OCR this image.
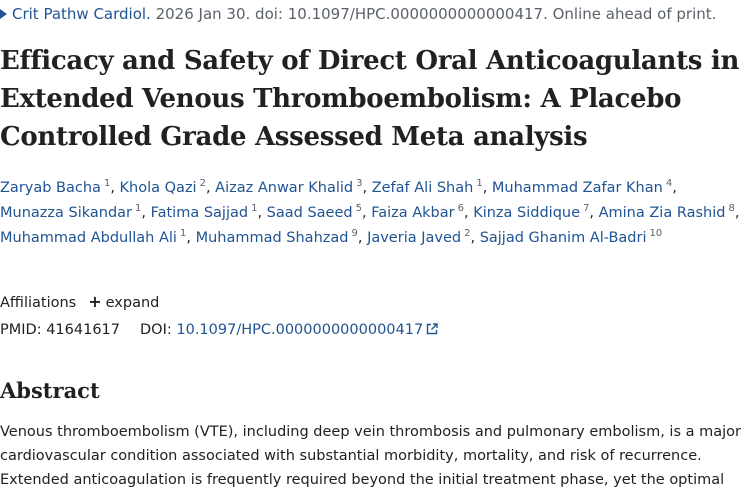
Crit Pathw Cardiol. 2026 Jan 30. doi: 10.1097/HPC.0000000000000417. Online ahead of print.
Efficacy and Safety of Direct Oral Anticoagulants in Extended Venous Thromboembolism: A Placebo Controlled Grade Assessed Meta analysis
Zaryab Bacha $^1$, Khola Qazi $^2$, Aizaz Anwar Khalid $^3$, Zefaf Ali Shah $^1$, Muhammad Zafar Khan $^4$, Munazza Sikandar $^1$, Fatima Sajjad $^1$, Saad Saeed $^5$, Faiza Akbar $^6$, Kinza Siddique $^7$, Amina Zia Rashid $^8$, Muhammad Abdullah Ali $^1$, Muhammad Shahzad $^9$, Javeria Javed $^2$, Sajjad Ghanim Al-Badri $^{10}$
Affiliations + expand
PMID: 41641617 DOI: 10.1097/HPC.0000000000000417
Abstract
Venous thromboembolism (VTE), including deep vein thrombosis and pulmonary embolism, is a major
cardiovascular condition associated with substantial morbidity, mortality, and risk of recurrence.
Extended anticoagulation is frequently required beyond the initial treatment phase, yet the optimal
